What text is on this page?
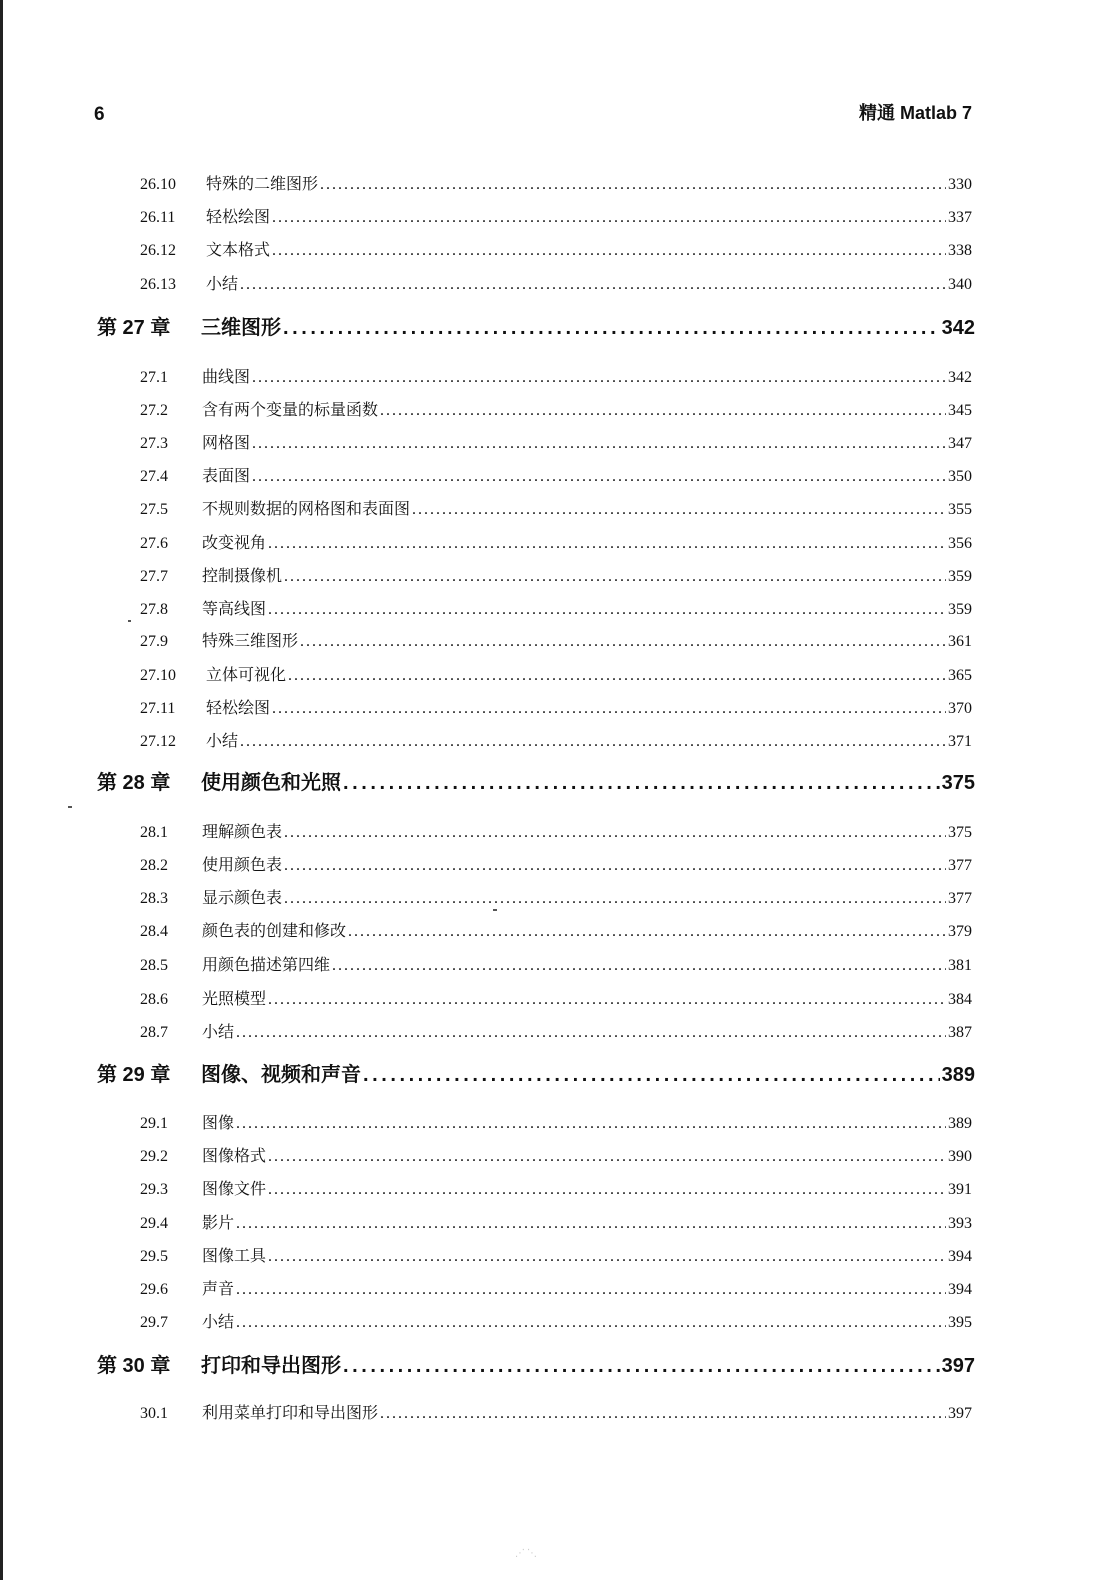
6	精通 Matlab 7
26.10	特殊的二维图形 . . .	330
26.11	轻松绘图 . . .	337
26.12	文本格式 . . .	338
26.13	小结 . . .	340
第 27 章	三维图形 . . .	342
27.1	曲线图 . . .	342
27.2	含有两个变量的标量函数 . . .	345
27.3	网格图 . . .	347
27.4	表面图 . . .	350
27.5	不规则数据的网格图和表面图 . . .	355
27.6	改变视角 . . .	356
27.7	控制摄像机 . . .	359
27.8	等高线图 . . .	359
27.9	特殊三维图形 . . .	361
27.10	立体可视化 . . .	365
27.11	轻松绘图 . . .	370
27.12	小结 . . .	371
第 28 章	使用颜色和光照 . . .	375
28.1	理解颜色表 . . .	375
28.2	使用颜色表 . . .	377
28.3	显示颜色表 . . .	377
28.4	颜色表的创建和修改 . . .	379
28.5	用颜色描述第四维 . . .	381
28.6	光照模型 . . .	384
28.7	小结 . . .	387
第 29 章	图像、视频和声音 . . .	389
29.1	图像 . . .	389
29.2	图像格式 . . .	390
29.3	图像文件 . . .	391
29.4	影片 . . .	393
29.5	图像工具 . . .	394
29.6	声音 . . .	394
29.7	小结 . . .	395
第 30 章	打印和导出图形 . . .	397
30.1	利用菜单打印和导出图形 . . .	397
⋰⋱
